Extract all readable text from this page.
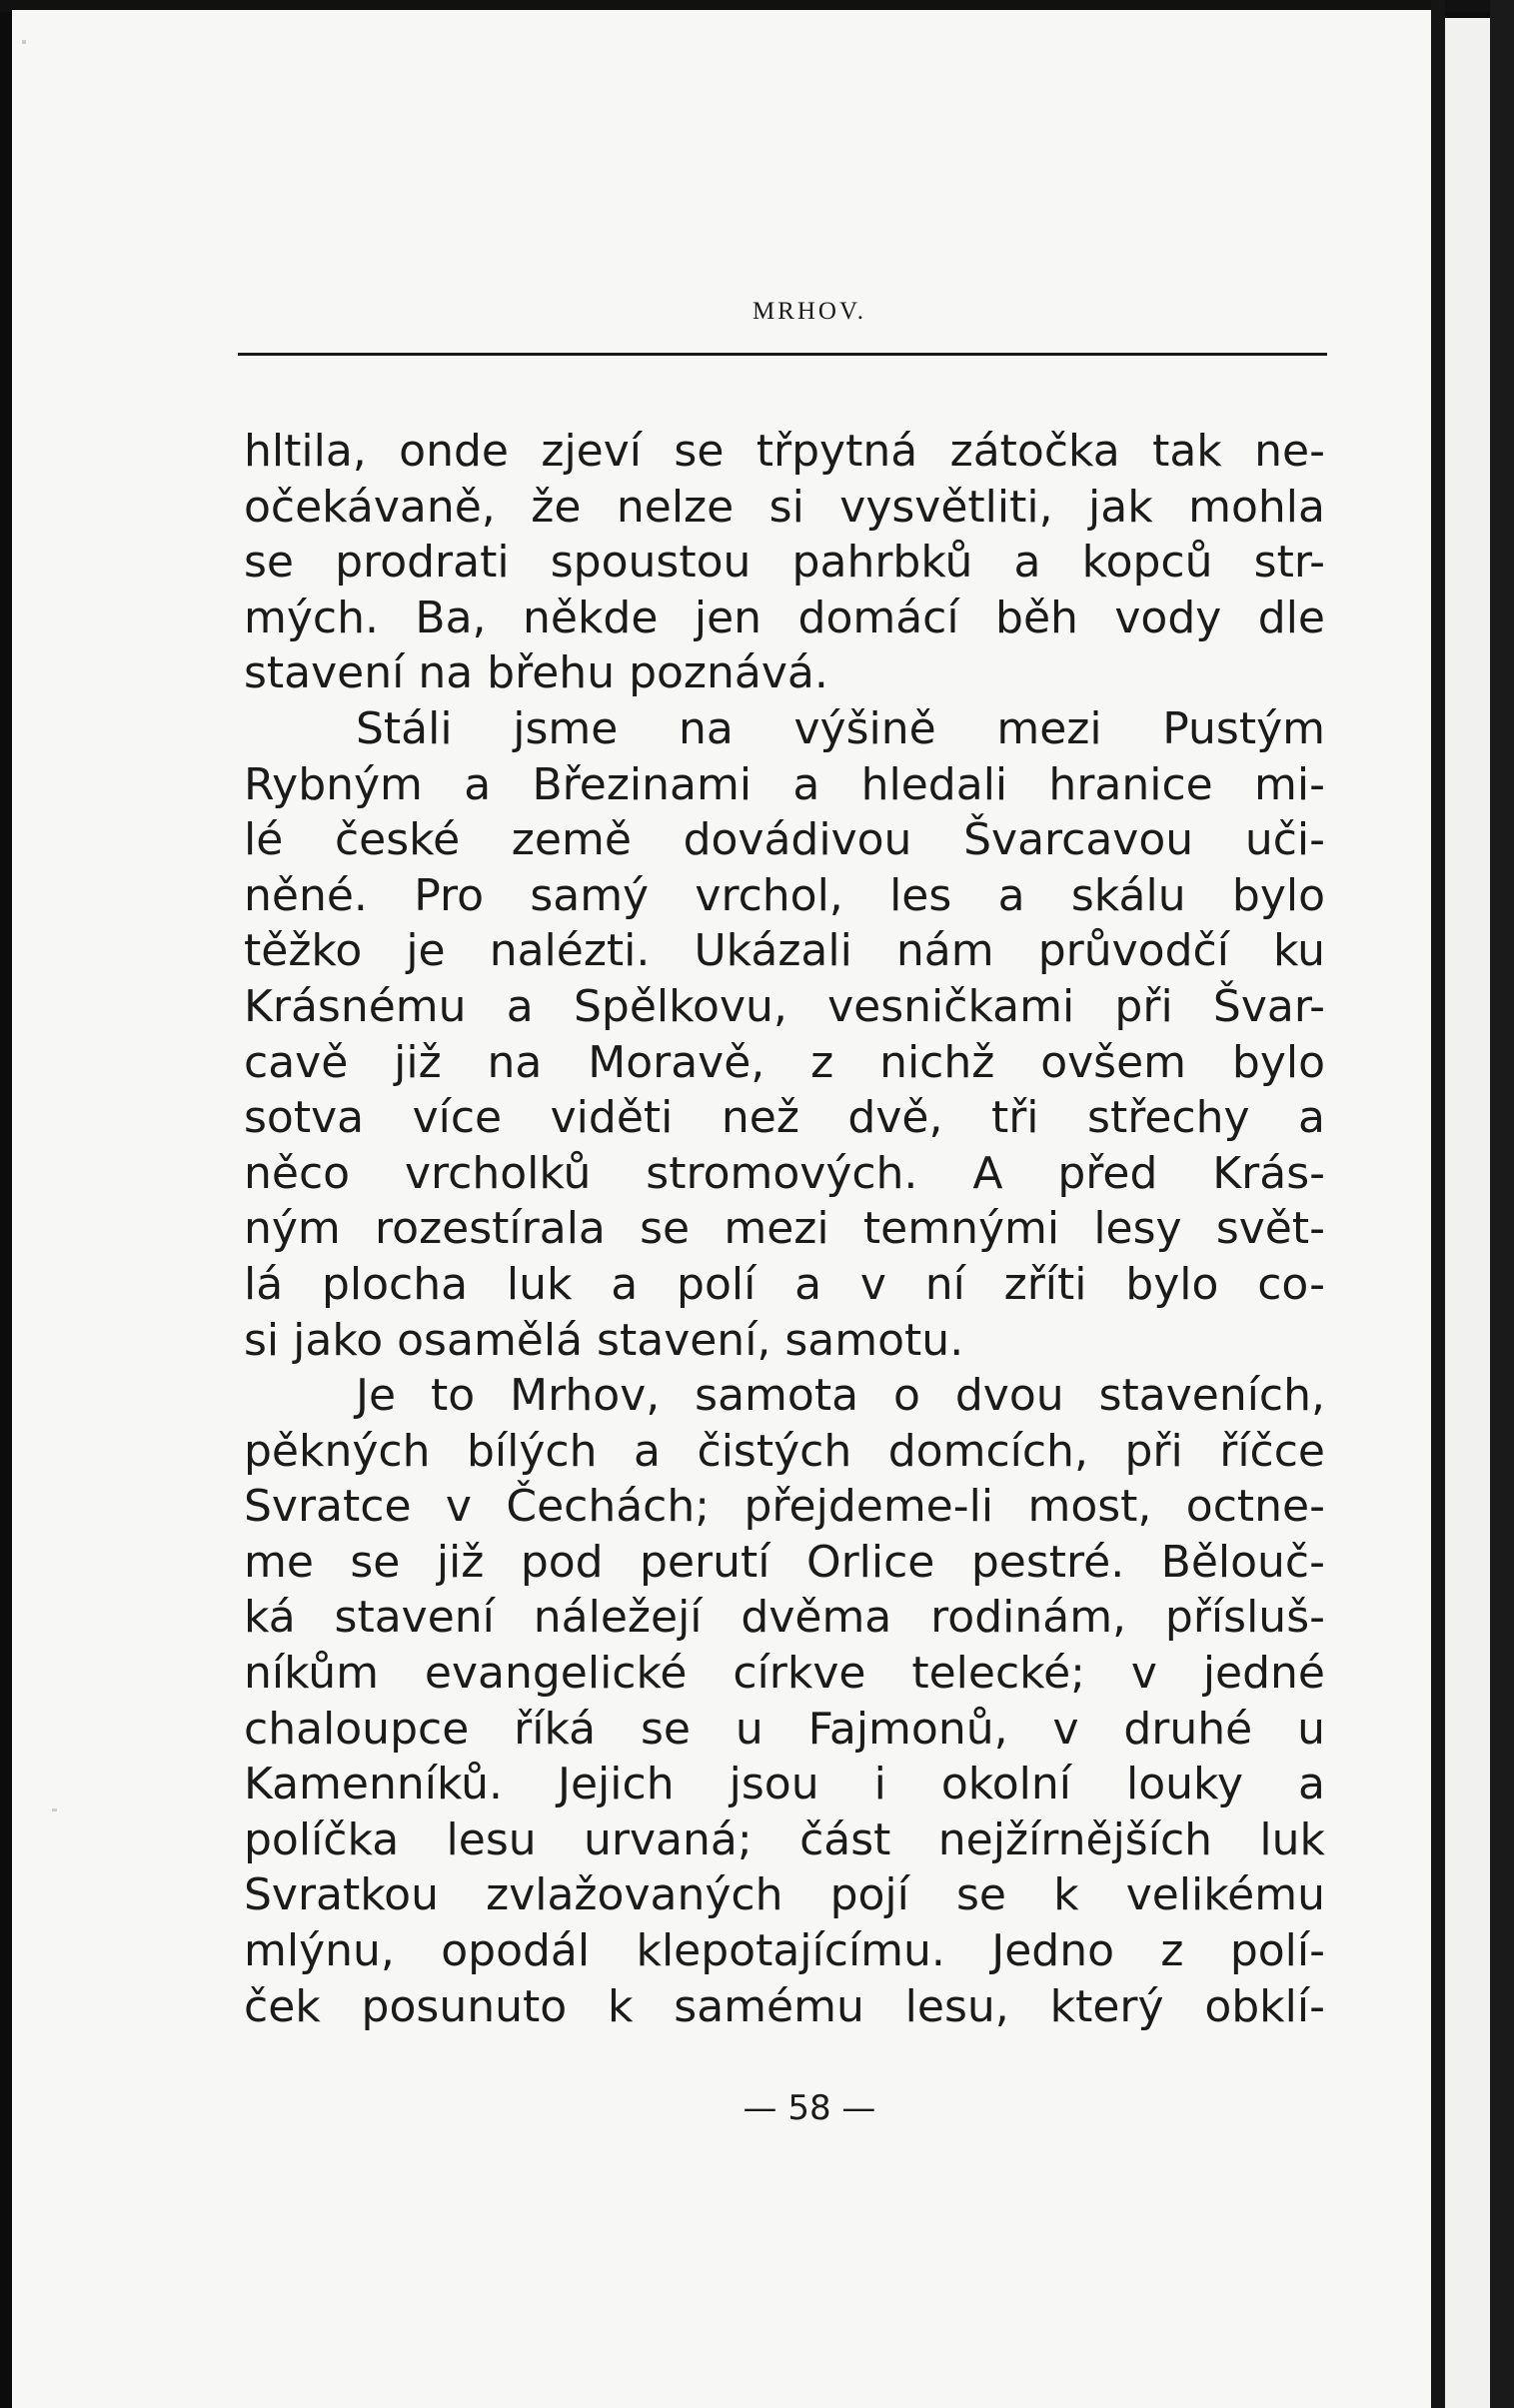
MRHOV.
hltila, onde zjeví se třpytná zátočka tak ne-
očekávaně, že nelze si vysvětliti, jak mohla
se prodrati spoustou pahrbků a kopců str-
mých. Ba, někde jen domácí běh vody dle
stavení na břehu poznává.
Stáli jsme na výšině mezi Pustým
Rybným a Březinami a hledali hranice mi-
lé české země dovádivou Švarcavou uči-
něné. Pro samý vrchol, les a skálu bylo
těžko je nalézti. Ukázali nám průvodčí ku
Krásnému a Spělkovu, vesničkami při Švar-
cavě již na Moravě, z nichž ovšem bylo
sotva více viděti než dvě, tři střechy a
něco vrcholků stromových. A před Krás-
ným rozestírala se mezi temnými lesy svět-
lá plocha luk a polí a v ní zříti bylo co-
si jako osamělá stavení, samotu.
Je to Mrhov, samota o dvou staveních,
pěkných bílých a čistých domcích, při říčce
Svratce v Čechách; přejdeme-li most, octne-
me se již pod perutí Orlice pestré. Bělouč-
ká stavení náležejí dvěma rodinám, přísluš-
níkům evangelické církve telecké; v jedné
chaloupce říká se u Fajmonů, v druhé u
Kamenníků. Jejich jsou i okolní louky a
políčka lesu urvaná; část nejžírnějších luk
Svratkou zvlažovaných pojí se k velikému
mlýnu, opodál klepotajícímu. Jedno z polí-
ček posunuto k samému lesu, který obklí-
— 58 —
